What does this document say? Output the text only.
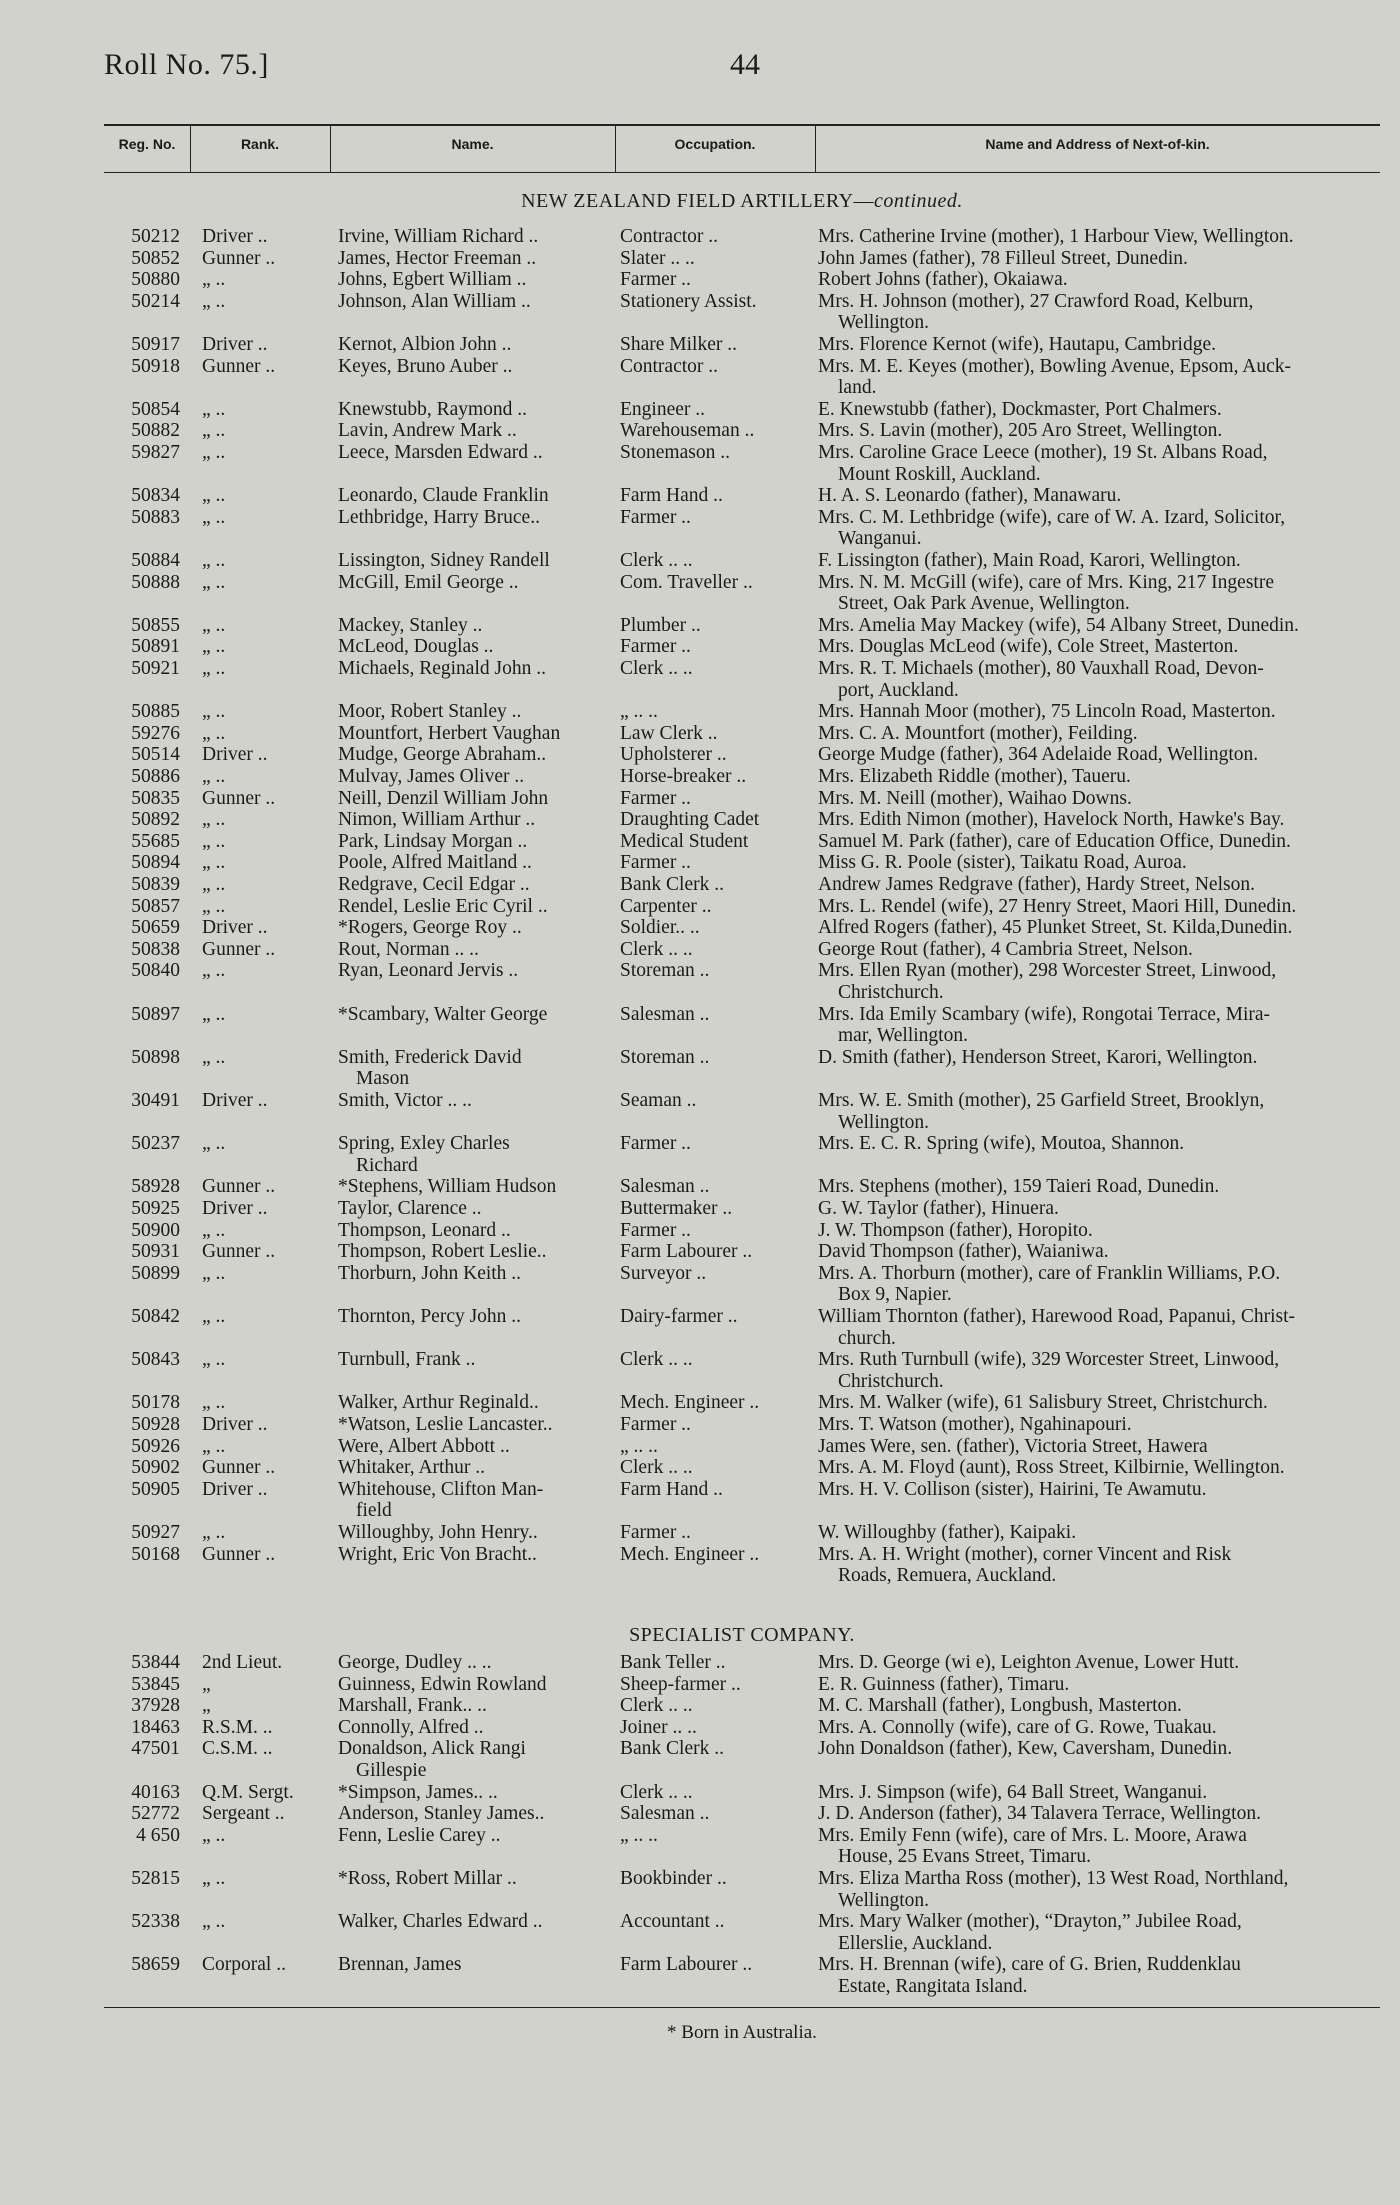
Roll No. 75.]	44
Reg. No.	Rank.	Name.	Occupation.	Name and Address of Next-of-kin.
NEW ZEALAND FIELD ARTILLERY—continued.
50212 Driver ..	Irvine, William Richard ..	Contractor ..	Mrs. Catherine Irvine (mother), 1 Harbour View, Wellington.
50852 Gunner ..	James, Hector Freeman ..	Slater .. ..	John James (father), 78 Filleul Street, Dunedin.
50880 „ ..	Johns, Egbert William ..	Farmer ..	Robert Johns (father), Okaiawa.
50214 „ ..	Johnson, Alan William ..	Stationery Assist.	Mrs. H. Johnson (mother), 27 Crawford Road, Kelburn,
Wellington.
50917 Driver ..	Kernot, Albion John ..	Share Milker ..	Mrs. Florence Kernot (wife), Hautapu, Cambridge.
50918 Gunner ..	Keyes, Bruno Auber ..	Contractor ..	Mrs. M. E. Keyes (mother), Bowling Avenue, Epsom, Auck-
land.
50854 „ ..	Knewstubb, Raymond ..	Engineer ..	E. Knewstubb (father), Dockmaster, Port Chalmers.
50882 „ ..	Lavin, Andrew Mark ..	Warehouseman ..	Mrs. S. Lavin (mother), 205 Aro Street, Wellington.
59827 „ ..	Leece, Marsden Edward ..	Stonemason ..	Mrs. Caroline Grace Leece (mother), 19 St. Albans Road,
Mount Roskill, Auckland.
50834 „ ..	Leonardo, Claude Franklin	Farm Hand ..	H. A. S. Leonardo (father), Manawaru.
50883 „ ..	Lethbridge, Harry Bruce..	Farmer ..	Mrs. C. M. Lethbridge (wife), care of W. A. Izard, Solicitor,
Wanganui.
50884 „ ..	Lissington, Sidney Randell	Clerk .. ..	F. Lissington (father), Main Road, Karori, Wellington.
50888 „ ..	McGill, Emil George ..	Com. Traveller ..	Mrs. N. M. McGill (wife), care of Mrs. King, 217 Ingestre
Street, Oak Park Avenue, Wellington.
50855 „ ..	Mackey, Stanley ..	Plumber ..	Mrs. Amelia May Mackey (wife), 54 Albany Street, Dunedin.
50891 „ ..	McLeod, Douglas ..	Farmer ..	Mrs. Douglas McLeod (wife), Cole Street, Masterton.
50921 „ ..	Michaels, Reginald John ..	Clerk .. ..	Mrs. R. T. Michaels (mother), 80 Vauxhall Road, Devon-
port, Auckland.
50885 „ ..	Moor, Robert Stanley ..	„ .. ..	Mrs. Hannah Moor (mother), 75 Lincoln Road, Masterton.
59276 „ ..	Mountfort, Herbert Vaughan	Law Clerk ..	Mrs. C. A. Mountfort (mother), Feilding.
50514 Driver ..	Mudge, George Abraham..	Upholsterer ..	George Mudge (father), 364 Adelaide Road, Wellington.
50886 „ ..	Mulvay, James Oliver ..	Horse-breaker ..	Mrs. Elizabeth Riddle (mother), Taueru.
50835 Gunner ..	Neill, Denzil William John	Farmer ..	Mrs. M. Neill (mother), Waihao Downs.
50892 „ ..	Nimon, William Arthur ..	Draughting Cadet	Mrs. Edith Nimon (mother), Havelock North, Hawke's Bay.
55685 „ ..	Park, Lindsay Morgan ..	Medical Student	Samuel M. Park (father), care of Education Office, Dunedin.
50894 „ ..	Poole, Alfred Maitland ..	Farmer ..	Miss G. R. Poole (sister), Taikatu Road, Auroa.
50839 „ ..	Redgrave, Cecil Edgar ..	Bank Clerk ..	Andrew James Redgrave (father), Hardy Street, Nelson.
50857 „ ..	Rendel, Leslie Eric Cyril ..	Carpenter ..	Mrs. L. Rendel (wife), 27 Henry Street, Maori Hill, Dunedin.
50659 Driver ..	*Rogers, George Roy ..	Soldier.. ..	Alfred Rogers (father), 45 Plunket Street, St. Kilda,Dunedin.
50838 Gunner ..	Rout, Norman .. ..	Clerk .. ..	George Rout (father), 4 Cambria Street, Nelson.
50840 „ ..	Ryan, Leonard Jervis ..	Storeman ..	Mrs. Ellen Ryan (mother), 298 Worcester Street, Linwood,
Christchurch.
50897 „ ..	*Scambary, Walter George	Salesman ..	Mrs. Ida Emily Scambary (wife), Rongotai Terrace, Mira-
mar, Wellington.
50898 „ ..	Smith, Frederick David
Mason
Storeman ..	D. Smith (father), Henderson Street, Karori, Wellington.
30491 Driver ..	Smith, Victor .. ..	Seaman ..	Mrs. W. E. Smith (mother), 25 Garfield Street, Brooklyn,
Wellington.
50237 „ ..	Spring, Exley Charles
Richard
Farmer ..	Mrs. E. C. R. Spring (wife), Moutoa, Shannon.
58928 Gunner ..	*Stephens, William Hudson	Salesman ..	Mrs. Stephens (mother), 159 Taieri Road, Dunedin.
50925 Driver ..	Taylor, Clarence ..	Buttermaker ..	G. W. Taylor (father), Hinuera.
50900 „ ..	Thompson, Leonard ..	Farmer ..	J. W. Thompson (father), Horopito.
50931 Gunner ..	Thompson, Robert Leslie..	Farm Labourer ..	David Thompson (father), Waianiwa.
50899 „ ..	Thorburn, John Keith ..	Surveyor ..	Mrs. A. Thorburn (mother), care of Franklin Williams, P.O.
Box 9, Napier.
50842 „ ..	Thornton, Percy John ..	Dairy-farmer ..	William Thornton (father), Harewood Road, Papanui, Christ-
church.
50843 „ ..	Turnbull, Frank ..	Clerk .. ..	Mrs. Ruth Turnbull (wife), 329 Worcester Street, Linwood,
Christchurch.
50178 „ ..	Walker, Arthur Reginald..	Mech. Engineer ..	Mrs. M. Walker (wife), 61 Salisbury Street, Christchurch.
50928 Driver ..	*Watson, Leslie Lancaster..	Farmer ..	Mrs. T. Watson (mother), Ngahinapouri.
50926 „ ..	Were, Albert Abbott ..	„ .. ..	James Were, sen. (father), Victoria Street, Hawera
50902 Gunner ..	Whitaker, Arthur ..	Clerk .. ..	Mrs. A. M. Floyd (aunt), Ross Street, Kilbirnie, Wellington.
50905 Driver ..	Whitehouse, Clifton Man-
field
Farm Hand ..	Mrs. H. V. Collison (sister), Hairini, Te Awamutu.
50927 „ ..	Willoughby, John Henry..	Farmer ..	W. Willoughby (father), Kaipaki.
50168 Gunner ..	Wright, Eric Von Bracht..	Mech. Engineer ..	Mrs. A. H. Wright (mother), corner Vincent and Risk
Roads, Remuera, Auckland.
SPECIALIST COMPANY.
53844 2nd Lieut.	George, Dudley .. ..	Bank Teller ..	Mrs. D. George (wi e), Leighton Avenue, Lower Hutt.
53845 „	Guinness, Edwin Rowland	Sheep-farmer ..	E. R. Guinness (father), Timaru.
37928 „	Marshall, Frank.. ..	Clerk .. ..	M. C. Marshall (father), Longbush, Masterton.
18463 R.S.M. ..	Connolly, Alfred ..	Joiner .. ..	Mrs. A. Connolly (wife), care of G. Rowe, Tuakau.
47501 C.S.M. ..	Donaldson, Alick Rangi
Gillespie
Bank Clerk ..	John Donaldson (father), Kew, Caversham, Dunedin.
40163 Q.M. Sergt.	*Simpson, James.. ..	Clerk .. ..	Mrs. J. Simpson (wife), 64 Ball Street, Wanganui.
52772 Sergeant ..	Anderson, Stanley James..	Salesman ..	J. D. Anderson (father), 34 Talavera Terrace, Wellington.
4 650 „ ..	Fenn, Leslie Carey ..	„ .. ..	Mrs. Emily Fenn (wife), care of Mrs. L. Moore, Arawa
House, 25 Evans Street, Timaru.
52815 „ ..	*Ross, Robert Millar ..	Bookbinder ..	Mrs. Eliza Martha Ross (mother), 13 West Road, Northland,
Wellington.
52338 „ ..	Walker, Charles Edward ..	Accountant ..	Mrs. Mary Walker (mother), “Drayton,” Jubilee Road,
Ellerslie, Auckland.
58659 Corporal ..	Brennan, James	Farm Labourer ..	Mrs. H. Brennan (wife), care of G. Brien, Ruddenklau
Estate, Rangitata Island.
* Born in Australia.
